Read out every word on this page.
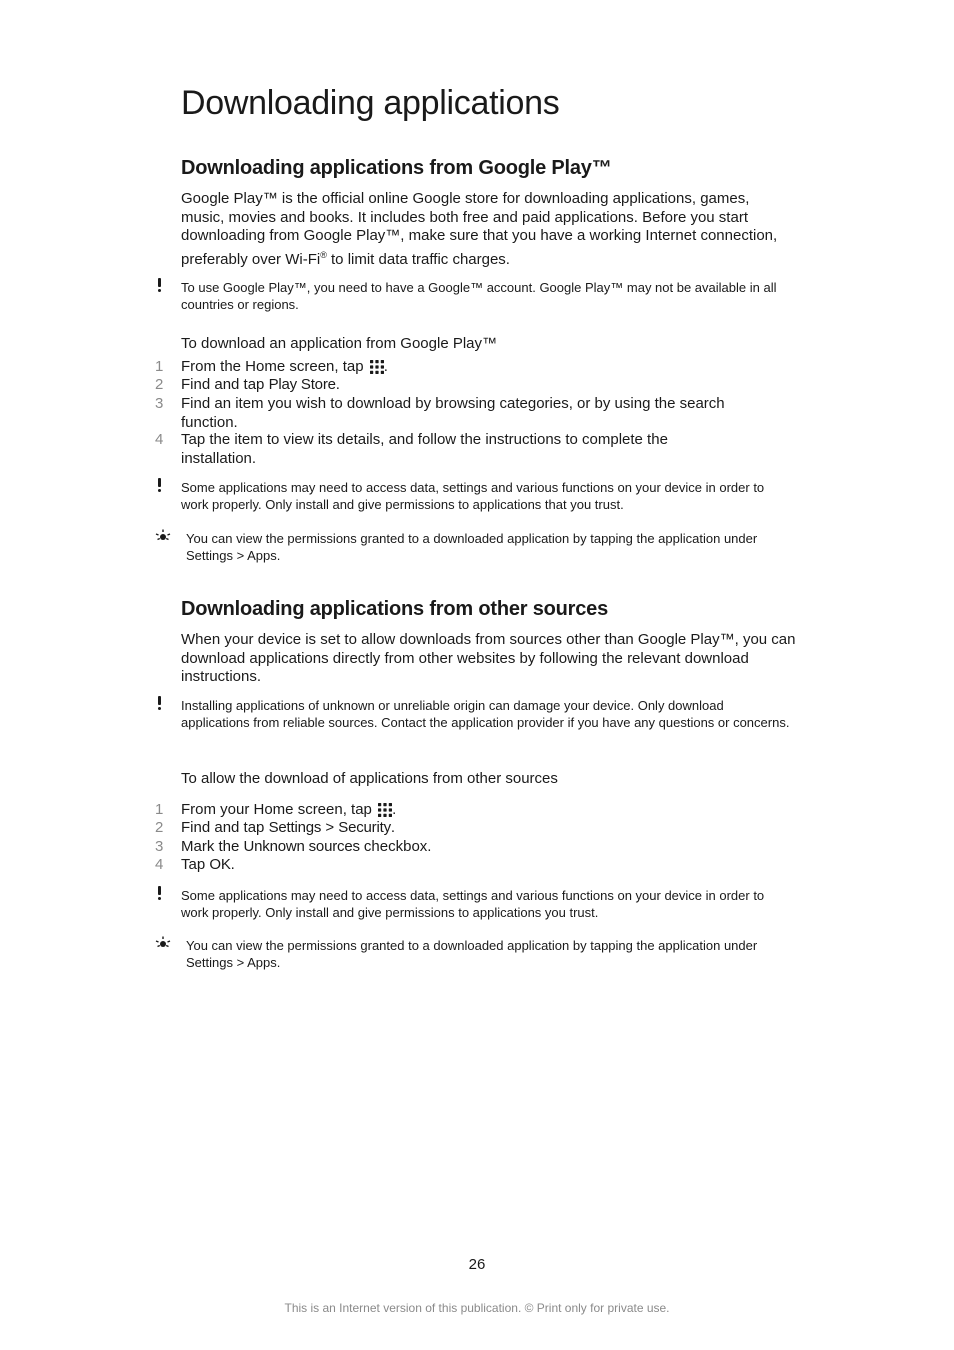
Downloading applications
Downloading applications from Google Play™

Google Play™ is the official online Google store for downloading applications, games, music, movies and books. It includes both free and paid applications. Before you start downloading from Google Play™, make sure that you have a working Internet connection, preferably over Wi-Fi® to limit data traffic charges.

To use Google Play™, you need to have a Google™ account. Google Play™ may not be available in all countries or regions.

To download an application from Google Play™
1 From the Home screen, tap .
2 Find and tap Play Store.
3 Find an item you wish to download by browsing categories, or by using the search function.
4 Tap the item to view its details, and follow the instructions to complete the installation.

Some applications may need to access data, settings and various functions on your device in order to work properly. Only install and give permissions to applications that you trust.

You can view the permissions granted to a downloaded application by tapping the application under Settings > Apps.

Downloading applications from other sources

When your device is set to allow downloads from sources other than Google Play™, you can download applications directly from other websites by following the relevant download instructions.

Installing applications of unknown or unreliable origin can damage your device. Only download applications from reliable sources. Contact the application provider if you have any questions or concerns.

To allow the download of applications from other sources
1 From your Home screen, tap .
2 Find and tap Settings > Security.
3 Mark the Unknown sources checkbox.
4 Tap OK.

Some applications may need to access data, settings and various functions on your device in order to work properly. Only install and give permissions to applications you trust.

You can view the permissions granted to a downloaded application by tapping the application under Settings > Apps.

26
This is an Internet version of this publication. © Print only for private use.
